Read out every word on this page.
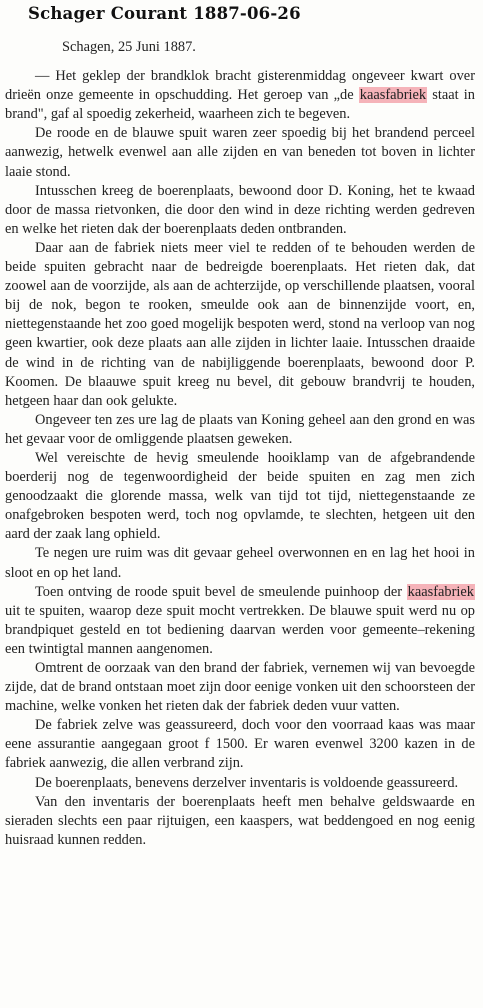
Schager Courant 1887-06-26

Schagen, 25 Juni 1887.

— Het geklep der brandklok bracht gisterenmiddag ongeveer kwart over drieën onze gemeente in opschudding. Het geroep van „de kaasfabriek staat in brand", gaf al spoedig zekerheid, waarheen zich te begeven.

De roode en de blauwe spuit waren zeer spoedig bij het brandend perceel aanwezig, hetwelk evenwel aan alle zijden en van beneden tot boven in lichter laaie stond.

Intusschen kreeg de boerenplaats, bewoond door D. Koning, het te kwaad door de massa rietvonken, die door den wind in deze richting werden gedreven en welke het rieten dak der boerenplaats deden ontbranden.

Daar aan de fabriek niets meer viel te redden of te behouden werden de beide spuiten gebracht naar de bedreigde boerenplaats. Het rieten dak, dat zoowel aan de voorzijde, als aan de achterzijde, op verschillende plaatsen, vooral bij de nok, begon te rooken, smeulde ook aan de binnenzijde voort, en, niettegenstaande het zoo goed mogelijk bespoten werd, stond na verloop van nog geen kwartier, ook deze plaats aan alle zijden in lichter laaie. Intusschen draaide de wind in de richting van de nabijliggende boerenplaats, bewoond door P. Koomen. De blaauwe spuit kreeg nu bevel, dit gebouw brandvrij te houden, hetgeen haar dan ook gelukte.

Ongeveer ten zes ure lag de plaats van Koning geheel aan den grond en was het gevaar voor de omliggende plaatsen geweken.

Wel vereischte de hevig smeulende hooiklamp van de afgebrandende boerderij nog de tegenwoordigheid der beide spuiten en zag men zich genoodzaakt die glorende massa, welk van tijd tot tijd, niettegenstaande ze onafgebroken bespoten werd, toch nog opvlamde, te slechten, hetgeen uit den aard der zaak lang ophield.

Te negen ure ruim was dit gevaar geheel overwonnen en en lag het hooi in sloot en op het land.

Toen ontving de roode spuit bevel de smeulende puinhoop der kaasfabriek uit te spuiten, waarop deze spuit mocht vertrekken. De blauwe spuit werd nu op brandpiquet gesteld en tot bediening daarvan werden voor gemeente–rekening een twintigtal mannen aangenomen.

Omtrent de oorzaak van den brand der fabriek, vernemen wij van bevoegde zijde, dat de brand ontstaan moet zijn door eenige vonken uit den schoorsteen der machine, welke vonken het rieten dak der fabriek deden vuur vatten.

De fabriek zelve was geassureerd, doch voor den voorraad kaas was maar eene assurantie aangegaan groot f 1500. Er waren evenwel 3200 kazen in de fabriek aanwezig, die allen verbrand zijn.

De boerenplaats, benevens derzelver inventaris is voldoende geassureerd.

Van den inventaris der boerenplaats heeft men behalve geldswaarde en sieraden slechts een paar rijtuigen, een kaaspers, wat beddengoed en nog eenig huisraad kunnen redden.
